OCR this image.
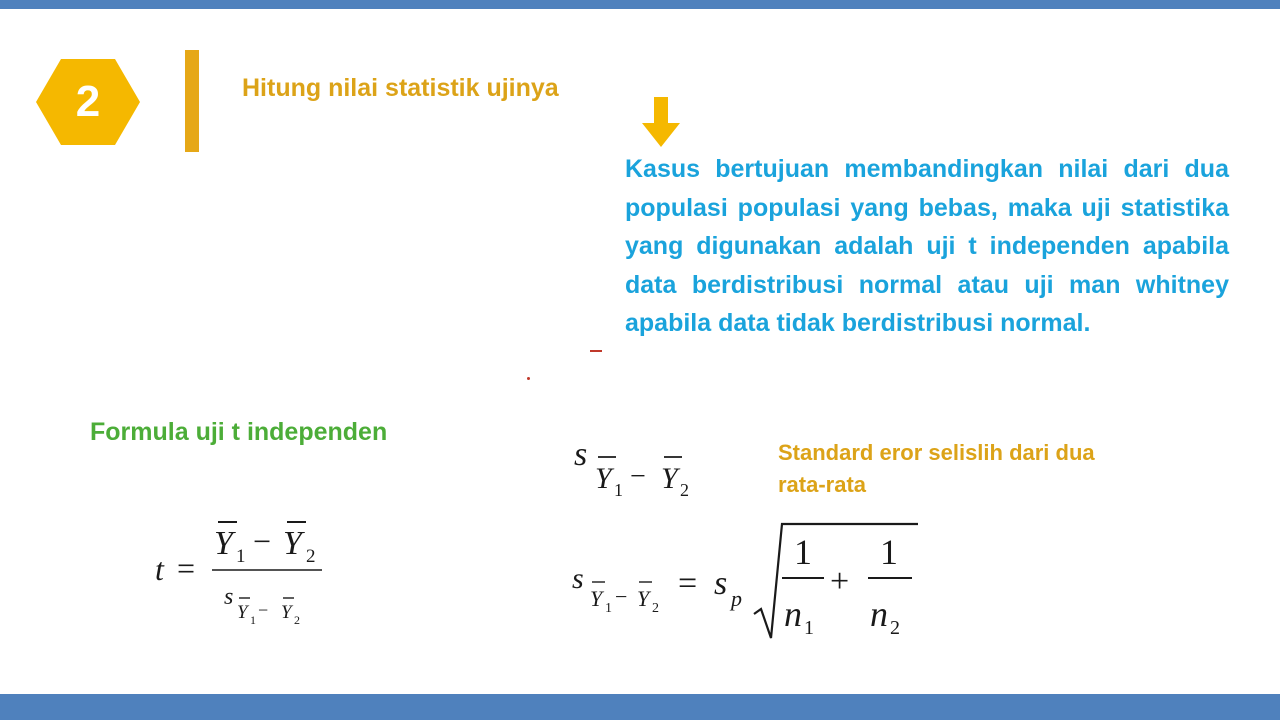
2	Hitung nilai statistik ujinya
Kasus bertujuan membandingkan nilai dari dua populasi populasi yang bebas, maka uji statistika yang digunakan adalah uji t independen apabila data berdistribusi normal atau uji man whitney apabila data tidak berdistribusi normal.
Formula uji t independen
t =
Y 1 − Y 2
s
Y 1 − Y 2
s
Y 1 − Y 2
Standard eror selislih dari dua rata-rata
s
Y 1 − Y 2
= s p
1
n 1
+
1
n 2
